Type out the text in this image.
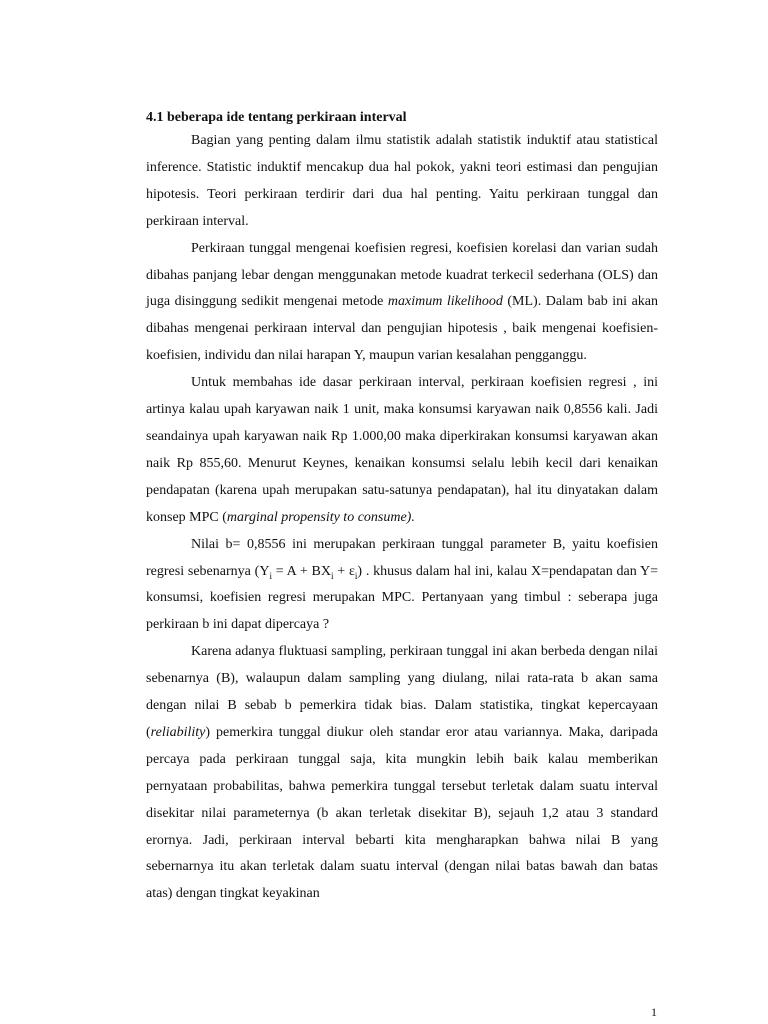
4.1 beberapa ide tentang perkiraan interval

Bagian yang penting dalam ilmu statistik adalah statistik induktif atau statistical inference. Statistic induktif mencakup dua hal pokok, yakni teori estimasi dan pengujian hipotesis. Teori perkiraan terdirir dari dua hal penting. Yaitu perkiraan tunggal dan perkiraan interval.

Perkiraan tunggal mengenai koefisien regresi, koefisien korelasi dan varian sudah dibahas panjang lebar dengan menggunakan metode kuadrat terkecil sederhana (OLS) dan juga disinggung sedikit mengenai metode maximum likelihood (ML). Dalam bab ini akan dibahas mengenai perkiraan interval dan pengujian hipotesis , baik mengenai koefisien-koefisien, individu dan nilai harapan Y, maupun varian kesalahan pengganggu.

Untuk membahas ide dasar perkiraan interval, perkiraan koefisien regresi , ini artinya kalau upah karyawan naik 1 unit, maka konsumsi karyawan naik 0,8556 kali. Jadi seandainya upah karyawan naik Rp 1.000,00 maka diperkirakan konsumsi karyawan akan naik Rp 855,60. Menurut Keynes, kenaikan konsumsi selalu lebih kecil dari kenaikan pendapatan (karena upah merupakan satu-satunya pendapatan), hal itu dinyatakan dalam konsep MPC (marginal propensity to consume).

Nilai b= 0,8556 ini merupakan perkiraan tunggal parameter B, yaitu koefisien regresi sebenarnya $(Y_i = A + BX_i + \varepsilon_i)$ . khusus dalam hal ini, kalau X=pendapatan dan Y= konsumsi, koefisien regresi merupakan MPC. Pertanyaan yang timbul : seberapa juga perkiraan b ini dapat dipercaya ?

Karena adanya fluktuasi sampling, perkiraan tunggal ini akan berbeda dengan nilai sebenarnya (B), walaupun dalam sampling yang diulang, nilai rata-rata b akan sama dengan nilai B sebab b pemerkira tidak bias. Dalam statistika, tingkat kepercayaan (reliability) pemerkira tunggal diukur oleh standar eror atau variannya. Maka, daripada percaya pada perkiraan tunggal saja, kita mungkin lebih baik kalau memberikan pernyataan probabilitas, bahwa pemerkira tunggal tersebut terletak dalam suatu interval disekitar nilai parameternya (b akan terletak disekitar B), sejauh 1,2 atau 3 standard erornya. Jadi, perkiraan interval bebarti kita mengharapkan bahwa nilai B yang sebernarnya itu akan terletak dalam suatu interval (dengan nilai batas bawah dan batas atas) dengan tingkat keyakinan

1
